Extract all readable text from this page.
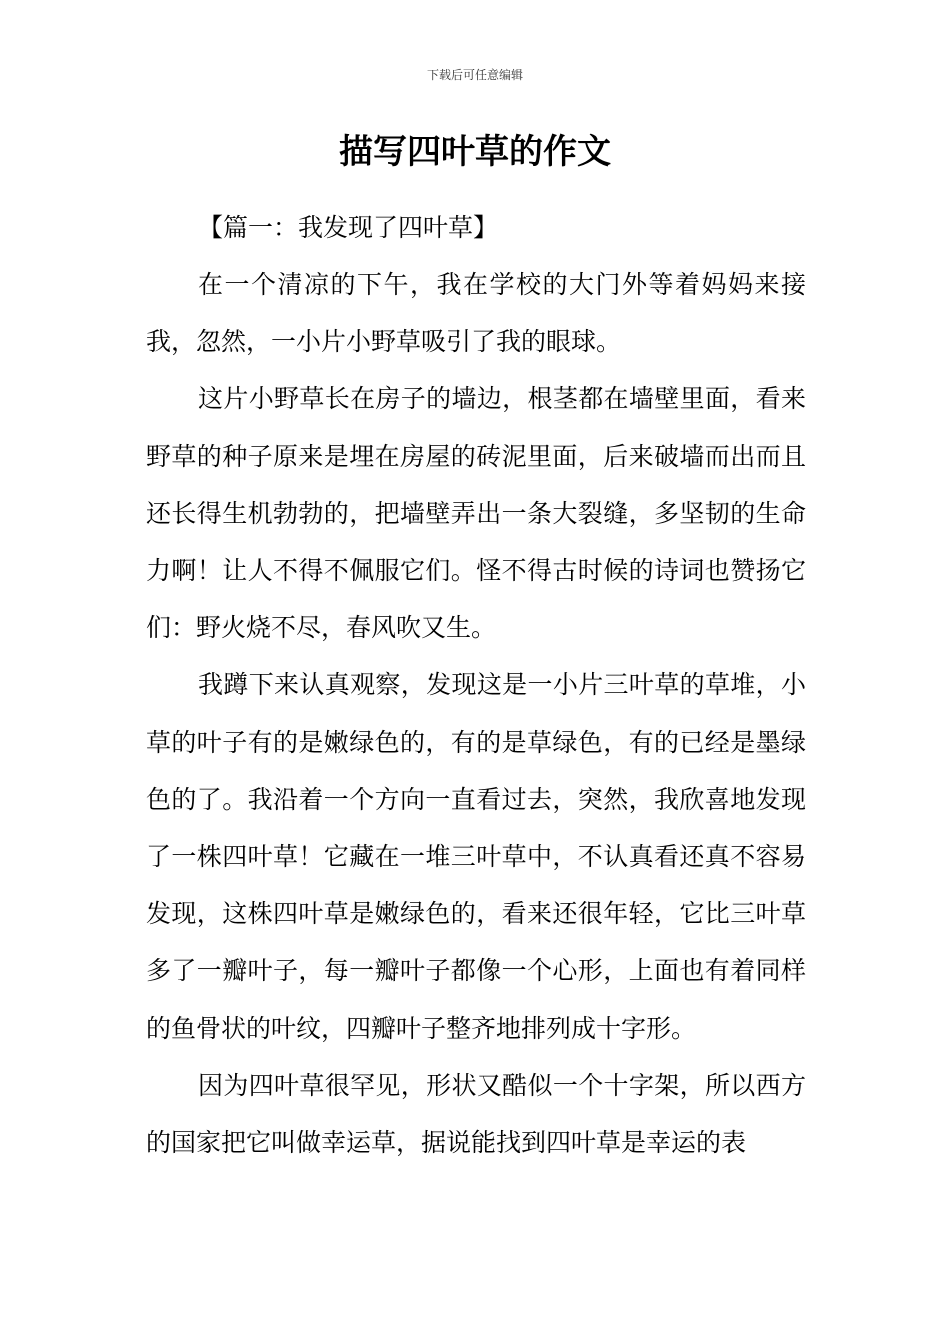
下载后可任意编辑
描写四叶草的作文

【篇一：我发现了四叶草】

在一个清凉的下午，我在学校的大门外等着妈妈来接我，忽然，一小片小野草吸引了我的眼球。

这片小野草长在房子的墙边，根茎都在墙壁里面，看来野草的种子原来是埋在房屋的砖泥里面，后来破墙而出而且还长得生机勃勃的，把墙壁弄出一条大裂缝，多坚韧的生命力啊！让人不得不佩服它们。怪不得古时候的诗词也赞扬它们：野火烧不尽，春风吹又生。

我蹲下来认真观察，发现这是一小片三叶草的草堆，小草的叶子有的是嫩绿色的，有的是草绿色，有的已经是墨绿色的了。我沿着一个方向一直看过去，突然，我欣喜地发现了一株四叶草！它藏在一堆三叶草中，不认真看还真不容易发现，这株四叶草是嫩绿色的，看来还很年轻，它比三叶草多了一瓣叶子，每一瓣叶子都像一个心形，上面也有着同样的鱼骨状的叶纹，四瓣叶子整齐地排列成十字形。

因为四叶草很罕见，形状又酷似一个十字架，所以西方的国家把它叫做幸运草，据说能找到四叶草是幸运的表
